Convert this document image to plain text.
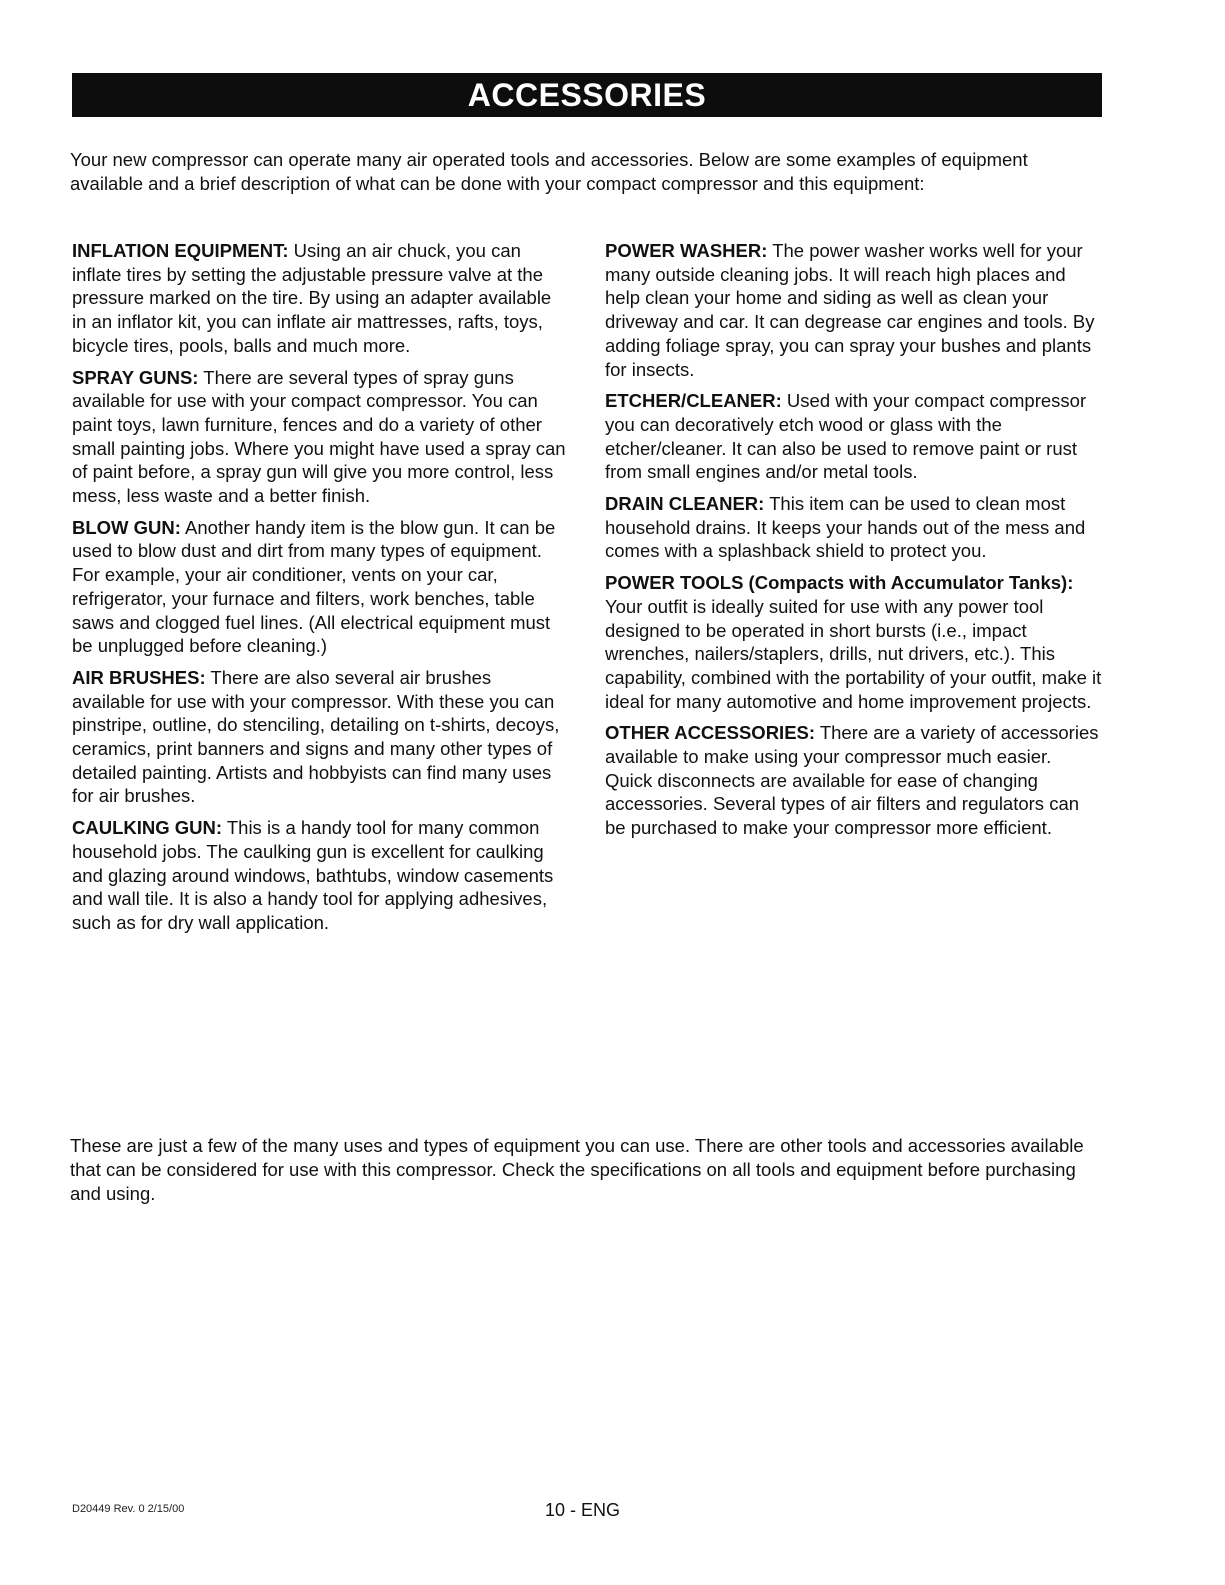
ACCESSORIES

Your new compressor can operate many air operated tools and accessories. Below are some examples of equipment available and a brief description of what can be done with your compact compressor and this equipment:

INFLATION EQUIPMENT: Using an air chuck, you can inflate tires by setting the adjustable pressure valve at the pressure marked on the tire. By using an adapter available in an inflator kit, you can inflate air mattresses, rafts, toys, bicycle tires, pools, balls and much more.

SPRAY GUNS: There are several types of spray guns available for use with your compact compressor. You can paint toys, lawn furniture, fences and do a variety of other small painting jobs. Where you might have used a spray can of paint before, a spray gun will give you more control, less mess, less waste and a better finish.

BLOW GUN: Another handy item is the blow gun. It can be used to blow dust and dirt from many types of equipment. For example, your air conditioner, vents on your car, refrigerator, your furnace and filters, work benches, table saws and clogged fuel lines. (All electrical equipment must be unplugged before cleaning.)

AIR BRUSHES: There are also several air brushes available for use with your compressor. With these you can pinstripe, outline, do stenciling, detailing on t-shirts, decoys, ceramics, print banners and signs and many other types of detailed painting. Artists and hobbyists can find many uses for air brushes.

CAULKING GUN: This is a handy tool for many common household jobs. The caulking gun is excellent for caulking and glazing around windows, bathtubs, window casements and wall tile. It is also a handy tool for applying adhesives, such as for dry wall application.

POWER WASHER: The power washer works well for your many outside cleaning jobs. It will reach high places and help clean your home and siding as well as clean your driveway and car. It can degrease car engines and tools. By adding foliage spray, you can spray your bushes and plants for insects.

ETCHER/CLEANER: Used with your compact compressor you can decoratively etch wood or glass with the etcher/cleaner. It can also be used to remove paint or rust from small engines and/or metal tools.

DRAIN CLEANER: This item can be used to clean most household drains. It keeps your hands out of the mess and comes with a splashback shield to protect you.

POWER TOOLS (Compacts with Accumulator Tanks): Your outfit is ideally suited for use with any power tool designed to be operated in short bursts (i.e., impact wrenches, nailers/staplers, drills, nut drivers, etc.). This capability, combined with the portability of your outfit, make it ideal for many automotive and home improvement projects.

OTHER ACCESSORIES: There are a variety of accessories available to make using your compressor much easier. Quick disconnects are available for ease of changing accessories. Several types of air filters and regulators can be purchased to make your compressor more efficient.

These are just a few of the many uses and types of equipment you can use. There are other tools and accessories available that can be considered for use with this compressor. Check the specifications on all tools and equipment before purchasing and using.

D20449 Rev. 0 2/15/00	10 - ENG
